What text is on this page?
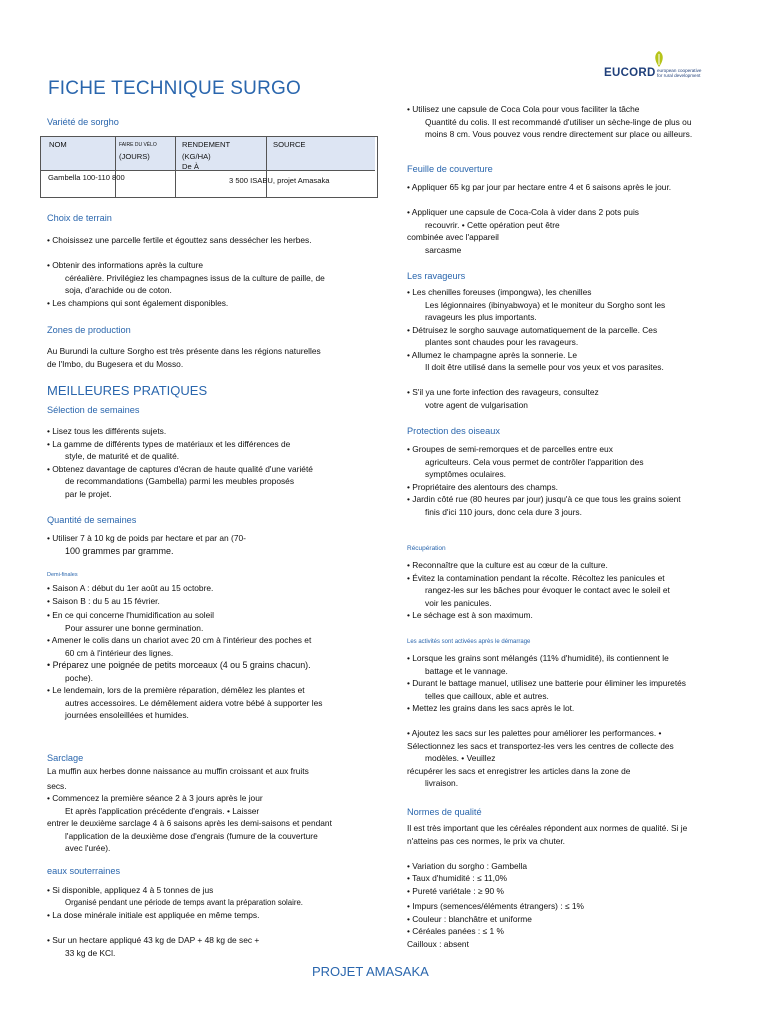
FICHE TECHNIQUE SURGO
EUCORD european cooperative
for rural development
Variété de sorgho
NOM	FAIRE DU VÉLO
(JOURS)
RENDEMENT
(KG/HA)
De À
SOURCE
Gambella 100-110 800	3 500 ISABU, projet Amasaka
Choix de terrain
• Choisissez une parcelle fertile et égouttez sans dessécher les herbes.

• Obtenir des informations après la culture
céréalière. Privilégiez les champagnes issus de la culture de paille, de
soja, d'arachide ou de coton.
• Les champions qui sont également disponibles.
Zones de production
Au Burundi la culture Sorgho est très présente dans les régions naturelles
de l'Imbo, du Bugesera et du Mosso.
MEILLEURES PRATIQUES
Sélection de semaines
• Lisez tous les différents sujets.
• La gamme de différents types de matériaux et les différences de
style, de maturité et de qualité.
• Obtenez davantage de captures d'écran de haute qualité d'une variété
de recommandations (Gambella) parmi les meubles proposés
par le projet.
Quantité de semaines
• Utiliser 7 à 10 kg de poids par hectare et par an (70-
100 grammes par gramme.
Demi-finales
• Saison A : début du 1er août au 15 octobre.
• Saison B : du 5 au 15 février.
• En ce qui concerne l'humidification au soleil
Pour assurer une bonne germination.
• Amener le colis dans un chariot avec 20 cm à l'intérieur des poches et
60 cm à l'intérieur des lignes.
• Préparez une poignée de petits morceaux (4 ou 5 grains chacun).
poche).
• Le lendemain, lors de la première réparation, démêlez les plantes et
autres accessoires. Le démêlement aidera votre bébé à supporter les
journées ensoleillées et humides.
Sarclage
La muffin aux herbes donne naissance au muffin croissant et aux fruits
secs.
• Commencez la première séance 2 à 3 jours après le jour
Et après l'application précédente d'engrais. • Laisser
entrer le deuxième sarclage 4 à 6 saisons après les demi-saisons et pendant
l'application de la deuxième dose d'engrais (fumure de la couverture
avec l'urée).
eaux souterraines
• Si disponible, appliquez 4 à 5 tonnes de jus
Organisé pendant une période de temps avant la préparation solaire.
• La dose minérale initiale est appliquée en même temps.

• Sur un hectare appliqué 43 kg de DAP + 48 kg de sec +
33 kg de KCl.
• Utilisez une capsule de Coca Cola pour vous faciliter la tâche
Quantité du colis. Il est recommandé d'utiliser un sèche-linge de plus ou
moins 8 cm. Vous pouvez vous rendre directement sur place ou ailleurs.
Feuille de couverture
• Appliquer 65 kg par jour par hectare entre 4 et 6 saisons après le jour.

• Appliquer une capsule de Coca-Cola à vider dans 2 pots puis
recouvrir. • Cette opération peut être
combinée avec l'appareil
sarcasme
Les ravageurs
• Les chenilles foreuses (impongwa), les chenilles
Les légionnaires (ibinyabwoya) et le moniteur du Sorgho sont les
ravageurs les plus importants.
• Détruisez le sorgho sauvage automatiquement de la parcelle. Ces
plantes sont chaudes pour les ravageurs.
• Allumez le champagne après la sonnerie. Le
Il doit être utilisé dans la semelle pour vos yeux et vos parasites.

• S'il ya une forte infection des ravageurs, consultez
votre agent de vulgarisation
Protection des oiseaux
• Groupes de semi-remorques et de parcelles entre eux
agriculteurs. Cela vous permet de contrôler l'apparition des
symptômes oculaires.
• Propriétaire des alentours des champs.
• Jardin côté rue (80 heures par jour) jusqu'à ce que tous les grains soient
finis d'ici 110 jours, donc cela dure 3 jours.
Récupération
• Reconnaître que la culture est au cœur de la culture.
• Évitez la contamination pendant la récolte. Récoltez les panicules et
rangez-les sur les bâches pour évoquer le contact avec le soleil et
voir les panicules.
• Le séchage est à son maximum.
Les activités sont activées après le démarrage
• Lorsque les grains sont mélangés (11% d'humidité), ils contiennent le
battage et le vannage.
• Durant le battage manuel, utilisez une batterie pour éliminer les impuretés
telles que cailloux, able et autres.
• Mettez les grains dans les sacs après le lot.

• Ajoutez les sacs sur les palettes pour améliorer les performances. •
Sélectionnez les sacs et transportez-les vers les centres de collecte des
modèles. • Veuillez
récupérer les sacs et enregistrer les articles dans la zone de
livraison.
Normes de qualité
Il est très important que les céréales répondent aux normes de qualité. Si je
n'atteins pas ces normes, le prix va chuter.

• Variation du sorgho : Gambella
• Taux d'humidité : ≤ 11,0%
• Pureté variétale : ≥ 90 %
• Impurs (semences/éléments étrangers) : ≤ 1%
• Couleur : blanchâtre et uniforme
• Céréales panées : ≤ 1 %
Cailloux : absent
PROJET AMASAKA
